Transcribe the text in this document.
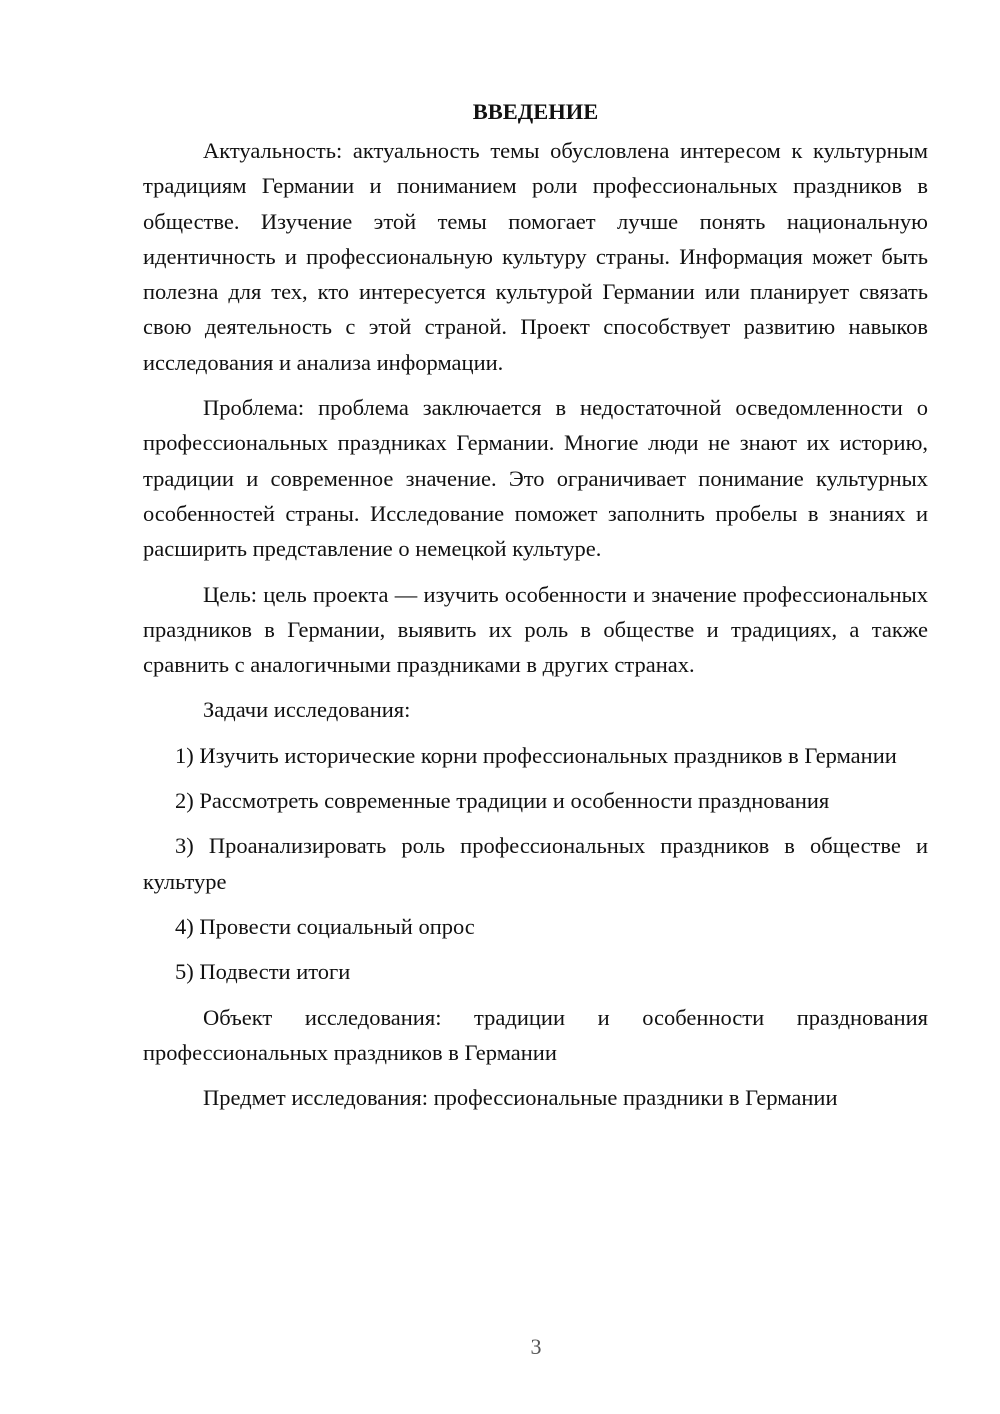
ВВЕДЕНИЕ

Актуальность: актуальность темы обусловлена интересом к культурным традициям Германии и пониманием роли профессиональных праздников в обществе. Изучение этой темы помогает лучше понять национальную идентичность и профессиональную культуру страны. Информация может быть полезна для тех, кто интересуется культурой Германии или планирует связать свою деятельность с этой страной. Проект способствует развитию навыков исследования и анализа информации.

Проблема: проблема заключается в недостаточной осведомленности о профессиональных праздниках Германии. Многие люди не знают их историю, традиции и современное значение. Это ограничивает понимание культурных особенностей страны. Исследование поможет заполнить пробелы в знаниях и расширить представление о немецкой культуре.

Цель: цель проекта — изучить особенности и значение профессиональных праздников в Германии, выявить их роль в обществе и традициях, а также сравнить с аналогичными праздниками в других странах.

Задачи исследования:

1) Изучить исторические корни профессиональных праздников в Германии

2) Рассмотреть современные традиции и особенности празднования

3) Проанализировать роль профессиональных праздников в обществе и культуре

4) Провести социальный опрос

5) Подвести итоги

Объект исследования: традиции и особенности празднования профессиональных праздников в Германии

Предмет исследования: профессиональные праздники в Германии

3
